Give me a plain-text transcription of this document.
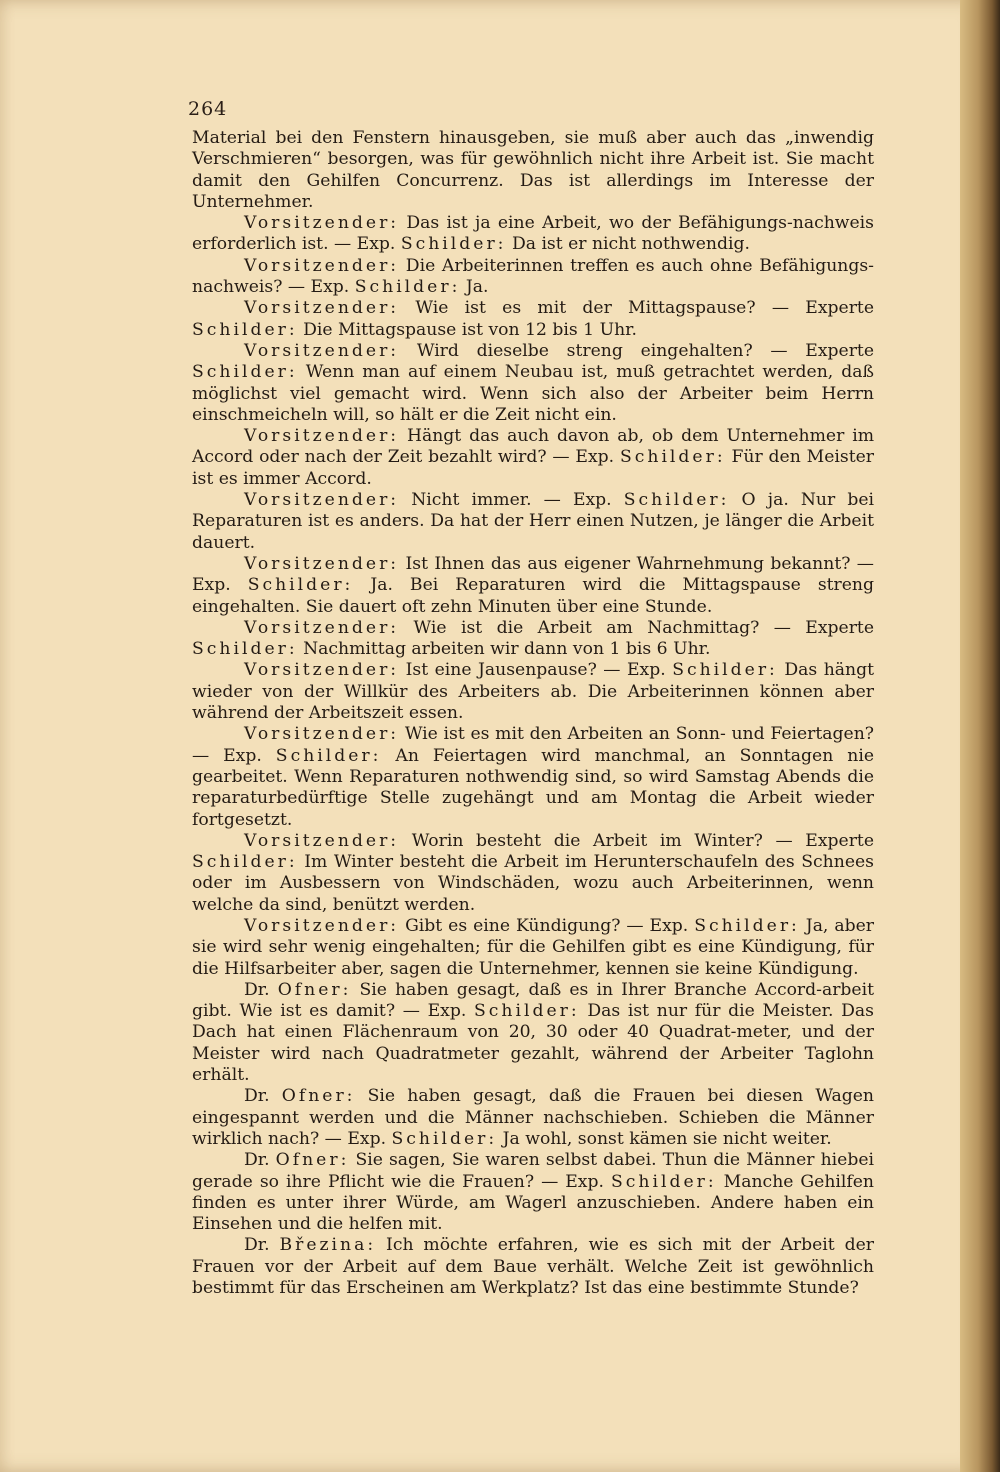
264

Material bei den Fenstern hinausgeben, sie muß aber auch das „inwendig Verschmieren“ besorgen, was für gewöhnlich nicht ihre Arbeit ist. Sie macht damit den Gehilfen Concurrenz. Das ist allerdings im Interesse der Unternehmer.

Vorsitzender: Das ist ja eine Arbeit, wo der Befähigungs-nachweis erforderlich ist. — Exp. Schilder: Da ist er nicht nothwendig.

Vorsitzender: Die Arbeiterinnen treffen es auch ohne Befähigungs-nachweis? — Exp. Schilder: Ja.

Vorsitzender: Wie ist es mit der Mittagspause? — Experte Schilder: Die Mittagspause ist von 12 bis 1 Uhr.

Vorsitzender: Wird dieselbe streng eingehalten? — Experte Schilder: Wenn man auf einem Neubau ist, muß getrachtet werden, daß möglichst viel gemacht wird. Wenn sich also der Arbeiter beim Herrn einschmeicheln will, so hält er die Zeit nicht ein.

Vorsitzender: Hängt das auch davon ab, ob dem Unternehmer im Accord oder nach der Zeit bezahlt wird? — Exp. Schilder: Für den Meister ist es immer Accord.

Vorsitzender: Nicht immer. — Exp. Schilder: O ja. Nur bei Reparaturen ist es anders. Da hat der Herr einen Nutzen, je länger die Arbeit dauert.

Vorsitzender: Ist Ihnen das aus eigener Wahrnehmung bekannt? — Exp. Schilder: Ja. Bei Reparaturen wird die Mittagspause streng eingehalten. Sie dauert oft zehn Minuten über eine Stunde.

Vorsitzender: Wie ist die Arbeit am Nachmittag? — Experte Schilder: Nachmittag arbeiten wir dann von 1 bis 6 Uhr.

Vorsitzender: Ist eine Jausenpause? — Exp. Schilder: Das hängt wieder von der Willkür des Arbeiters ab. Die Arbeiterinnen können aber während der Arbeitszeit essen.

Vorsitzender: Wie ist es mit den Arbeiten an Sonn- und Feiertagen? — Exp. Schilder: An Feiertagen wird manchmal, an Sonntagen nie gearbeitet. Wenn Reparaturen nothwendig sind, so wird Samstag Abends die reparaturbedürftige Stelle zugehängt und am Montag die Arbeit wieder fortgesetzt.

Vorsitzender: Worin besteht die Arbeit im Winter? — Experte Schilder: Im Winter besteht die Arbeit im Herunterschaufeln des Schnees oder im Ausbessern von Windschäden, wozu auch Arbeiterinnen, wenn welche da sind, benützt werden.

Vorsitzender: Gibt es eine Kündigung? — Exp. Schilder: Ja, aber sie wird sehr wenig eingehalten; für die Gehilfen gibt es eine Kündigung, für die Hilfsarbeiter aber, sagen die Unternehmer, kennen sie keine Kündigung.

Dr. Ofner: Sie haben gesagt, daß es in Ihrer Branche Accord-arbeit gibt. Wie ist es damit? — Exp. Schilder: Das ist nur für die Meister. Das Dach hat einen Flächenraum von 20, 30 oder 40 Quadrat-meter, und der Meister wird nach Quadratmeter gezahlt, während der Arbeiter Taglohn erhält.

Dr. Ofner: Sie haben gesagt, daß die Frauen bei diesen Wagen eingespannt werden und die Männer nachschieben. Schieben die Männer wirklich nach? — Exp. Schilder: Ja wohl, sonst kämen sie nicht weiter.

Dr. Ofner: Sie sagen, Sie waren selbst dabei. Thun die Männer hiebei gerade so ihre Pflicht wie die Frauen? — Exp. Schilder: Manche Gehilfen finden es unter ihrer Würde, am Wagerl anzuschieben. Andere haben ein Einsehen und die helfen mit.

Dr. Březina: Ich möchte erfahren, wie es sich mit der Arbeit der Frauen vor der Arbeit auf dem Baue verhält. Welche Zeit ist gewöhnlich bestimmt für das Erscheinen am Werkplatz? Ist das eine bestimmte Stunde?
